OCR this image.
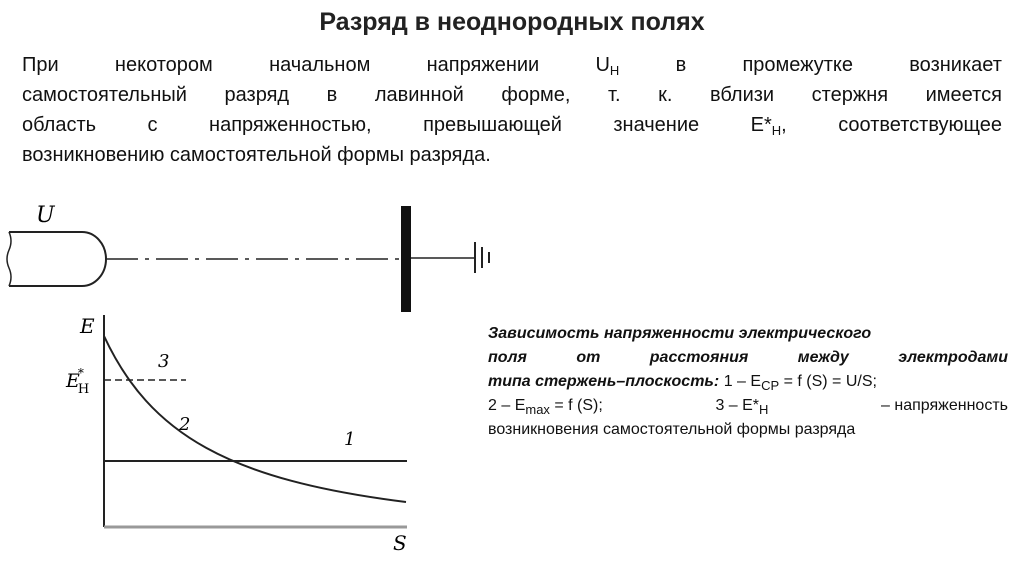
Разряд в неоднородных полях
При	некотором	начальном	напряжении	$U_Н$	в	промежутке	возникает
самостоятельный разряд в лавинной форме, т. к. вблизи стержня имеется
область	с	напряженностью,	превышающей	значение	$E*_Н$,	соответствующее
возникновению самостоятельной формы разряда.
U
E
S
E* Н
3
2
1
Зависимость напряженности электрического
поля	от	расстояния	между	электродами
типа стержень–плоскость: $1 - E_{CP} = f$ (S) = U/S;
$2 - E_{max} = f$ (S);	$3 - E*_H$	– напряженность
возникновения самостоятельной формы разряда
